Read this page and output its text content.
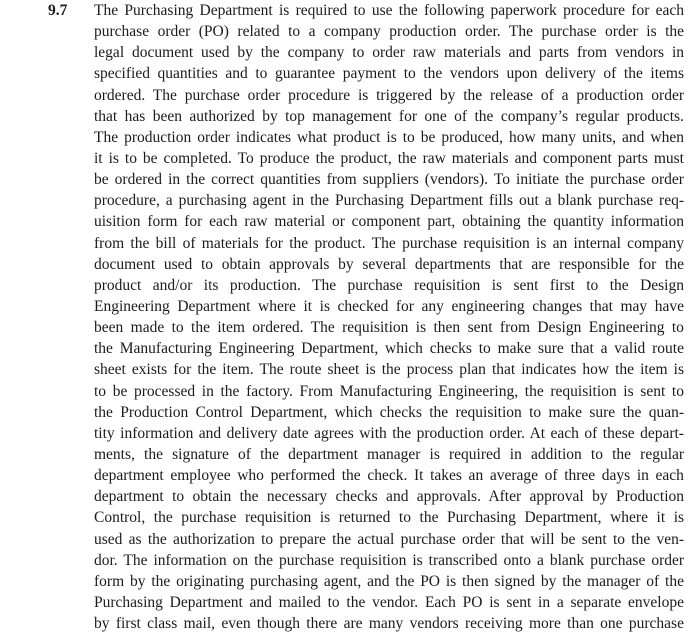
9.7 The Purchasing Department is required to use the following paperwork procedure for each
purchase order (PO) related to a company production order. The purchase order is the
legal document used by the company to order raw materials and parts from vendors in
specified quantities and to guarantee payment to the vendors upon delivery of the items
ordered. The purchase order procedure is triggered by the release of a production order
that has been authorized by top management for one of the company’s regular products.
The production order indicates what product is to be produced, how many units, and when
it is to be completed. To produce the product, the raw materials and component parts must
be ordered in the correct quantities from suppliers (vendors). To initiate the purchase order
procedure, a purchasing agent in the Purchasing Department fills out a blank purchase req-
uisition form for each raw material or component part, obtaining the quantity information
from the bill of materials for the product. The purchase requisition is an internal company
document used to obtain approvals by several departments that are responsible for the
product and/or its production. The purchase requisition is sent first to the Design
Engineering Department where it is checked for any engineering changes that may have
been made to the item ordered. The requisition is then sent from Design Engineering to
the Manufacturing Engineering Department, which checks to make sure that a valid route
sheet exists for the item. The route sheet is the process plan that indicates how the item is
to be processed in the factory. From Manufacturing Engineering, the requisition is sent to
the Production Control Department, which checks the requisition to make sure the quan-
tity information and delivery date agrees with the production order. At each of these depart-
ments, the signature of the department manager is required in addition to the regular
department employee who performed the check. It takes an average of three days in each
department to obtain the necessary checks and approvals. After approval by Production
Control, the purchase requisition is returned to the Purchasing Department, where it is
used as the authorization to prepare the actual purchase order that will be sent to the ven-
dor. The information on the purchase requisition is transcribed onto a blank purchase order
form by the originating purchasing agent, and the PO is then signed by the manager of the
Purchasing Department and mailed to the vendor. Each PO is sent in a separate envelope
by first class mail, even though there are many vendors receiving more than one purchase
